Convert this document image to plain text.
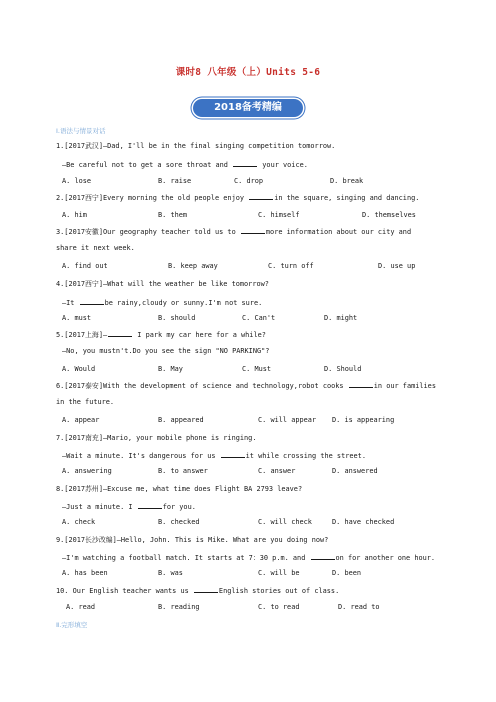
课时8 八年级（上）Units 5-6
2018备考精编
Ⅰ.语法与情景对话
1.[2017武汉]—Dad, I'll be in the final singing competition tomorrow.
—Be careful not to get a sore throat and	your voice.
A. lose	B. raise	C. drop	D. break
2.[2017西宁]Every morning the old people enjoy	in the square, singing and dancing.
A. him	B. them	C. himself	D. themselves
3.[2017安徽]Our geography teacher told us to	more information about our city and
share it next week.
A. find out	B. keep away	C. turn off	D. use up
4.[2017西宁]—What will the weather be like tomorrow?
—It	be rainy,cloudy or sunny.I'm not sure.
A. must	B. should	C. Can't	D. might
5.[2017上海]—	I park my car here for a while?
—No, you mustn't.Do you see the sign "NO PARKING"?
A. Would	B. May	C. Must	D. Should
6.[2017泰安]With the development of science and technology,robot cooks	in our families
in the future.
A. appear	B. appeared	C. will appear D. is appearing
7.[2017南充]—Mario, your mobile phone is ringing.
—Wait a minute. It's dangerous for us	it while crossing the street.
A. answering	B. to answer	C. answer	D. answered
8.[2017苏州]—Excuse me, what time does Flight BA 2793 leave?
—Just a minute. I	for you.
A. check	B. checked	C. will check	D. have checked
9.[2017长沙改编]—Hello, John. This is Mike. What are you doing now?
—I'm watching a football match. It starts at 7：30 p.m. and	on for another one hour.
A. has been	B. was	C. will be	D. been
10. Our English teacher wants us	English stories out of class.
A. read	B. reading	C. to read	D. read to
Ⅱ.完形填空
